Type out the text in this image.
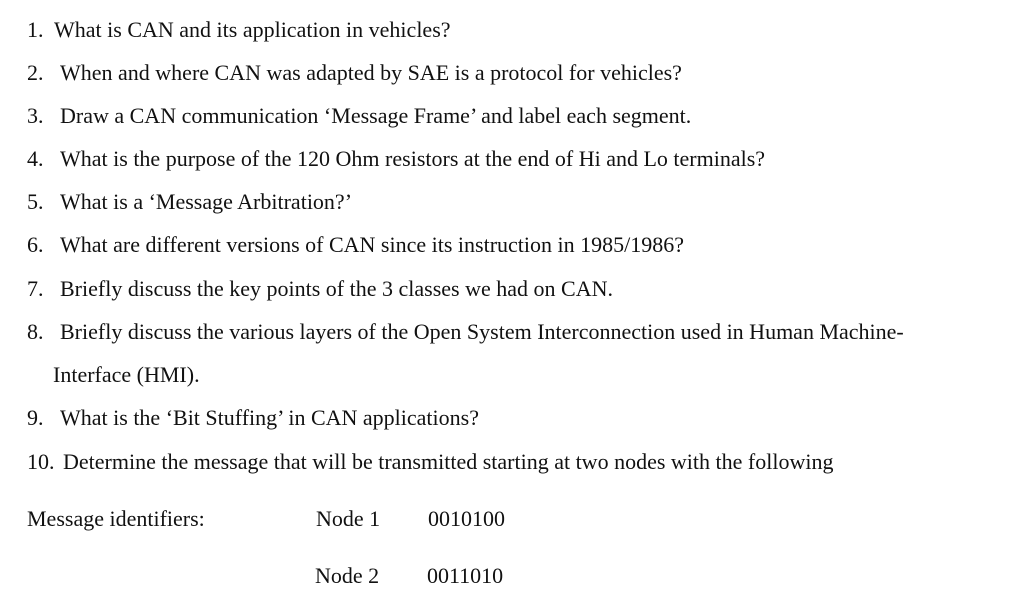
1. What is CAN and its application in vehicles?
2. When and where CAN was adapted by SAE is a protocol for vehicles?
3. Draw a CAN communication ‘Message Frame’ and label each segment.
4. What is the purpose of the 120 Ohm resistors at the end of Hi and Lo terminals?
5. What is a ‘Message Arbitration?’
6. What are different versions of CAN since its instruction in 1985/1986?
7. Briefly discuss the key points of the 3 classes we had on CAN.
8. Briefly discuss the various layers of the Open System Interconnection used in Human Machine-
Interface (HMI).
9. What is the ‘Bit Stuffing’ in CAN applications?
10. Determine the message that will be transmitted starting at two nodes with the following
Message identifiers:	Node 1 0010100
Node 2 0011010
